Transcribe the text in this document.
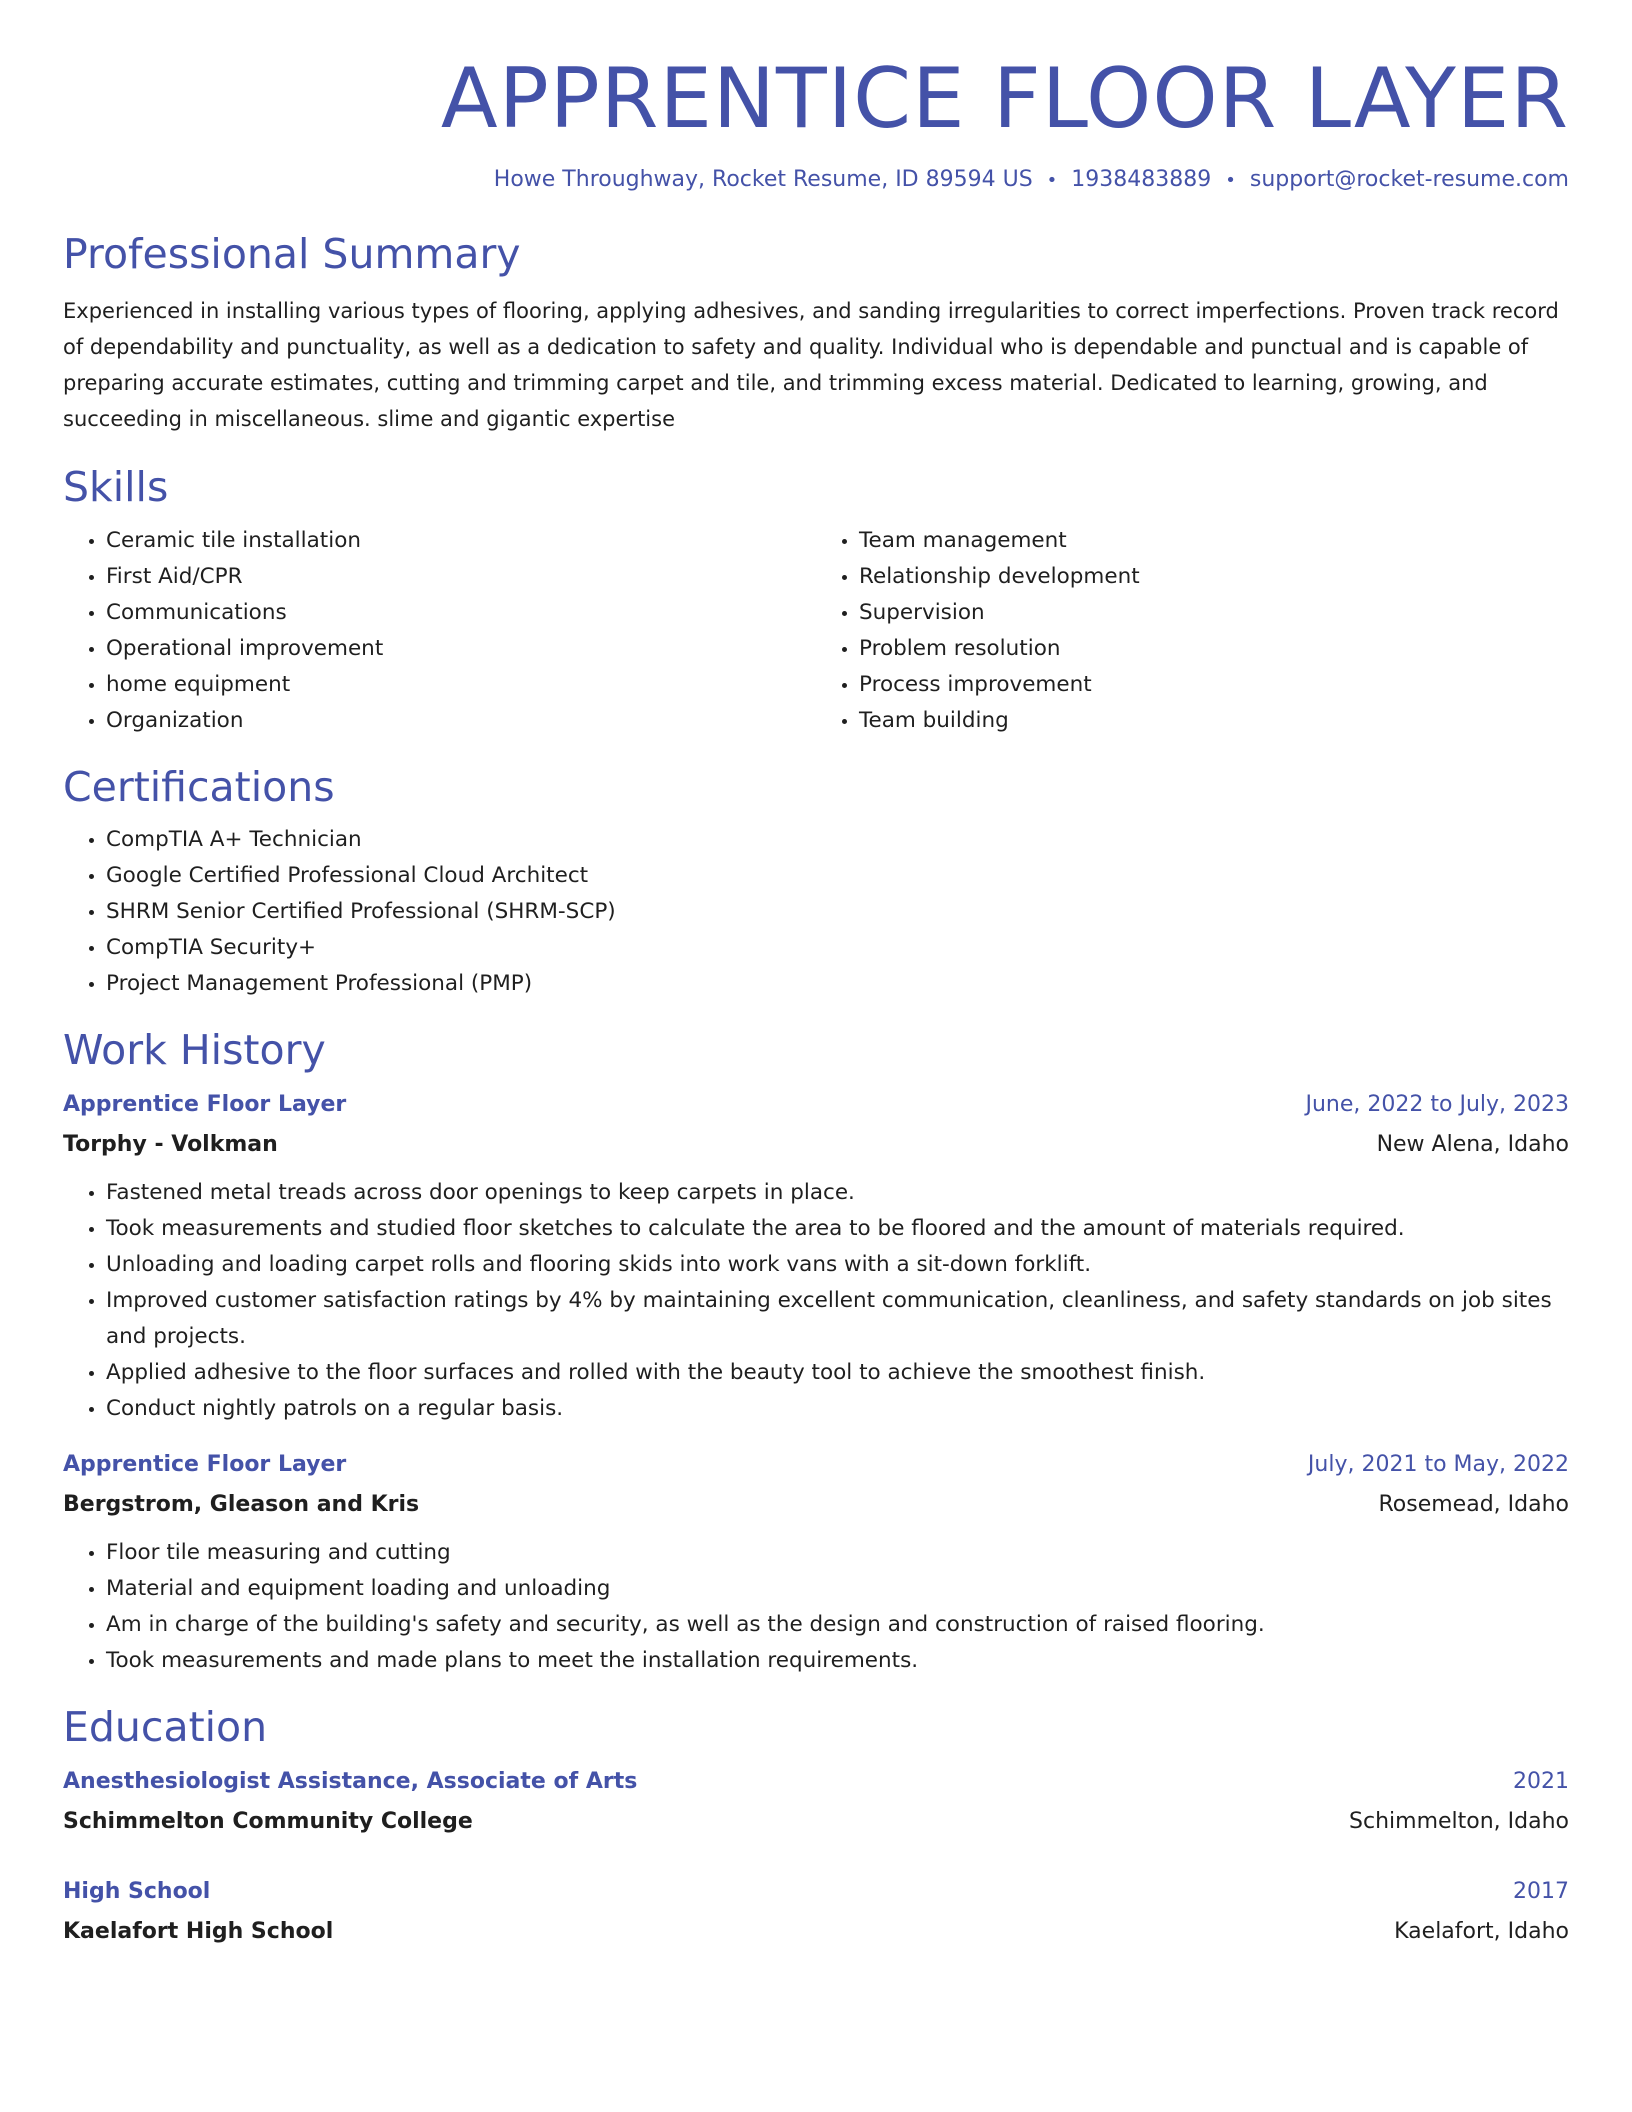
APPRENTICE FLOOR LAYER
Howe Throughway, Rocket Resume, ID 89594 US • 1938483889 • support@rocket-resume.com
Professional Summary

Experienced in installing various types of flooring, applying adhesives, and sanding irregularities to correct imperfections. Proven track record of dependability and punctuality, as well as a dedication to safety and quality. Individual who is dependable and punctual and is capable of preparing accurate estimates, cutting and trimming carpet and tile, and trimming excess material. Dedicated to learning, growing, and succeeding in miscellaneous. slime and gigantic expertise

Skills
• Ceramic tile installation
• First Aid/CPR
• Communications
• Operational improvement
• home equipment
• Organization
• Team management
• Relationship development
• Supervision
• Problem resolution
• Process improvement
• Team building
Certifications
• CompTIA A+ Technician
• Google Certified Professional Cloud Architect
• SHRM Senior Certified Professional (SHRM-SCP)
• CompTIA Security+
• Project Management Professional (PMP)
Work History
Apprentice Floor Layer	June, 2022 to July, 2023
Torphy - Volkman	New Alena, Idaho
• Fastened metal treads across door openings to keep carpets in place.
• Took measurements and studied floor sketches to calculate the area to be floored and the amount of materials required.
• Unloading and loading carpet rolls and flooring skids into work vans with a sit-down forklift.
• Improved customer satisfaction ratings by 4% by maintaining excellent communication, cleanliness, and safety standards on job sites and projects.
• Applied adhesive to the floor surfaces and rolled with the beauty tool to achieve the smoothest finish.
• Conduct nightly patrols on a regular basis.
Apprentice Floor Layer	July, 2021 to May, 2022
Bergstrom, Gleason and Kris	Rosemead, Idaho
• Floor tile measuring and cutting
• Material and equipment loading and unloading
• Am in charge of the building's safety and security, as well as the design and construction of raised flooring.
• Took measurements and made plans to meet the installation requirements.
Education
Anesthesiologist Assistance, Associate of Arts	2021
Schimmelton Community College	Schimmelton, Idaho
High School	2017
Kaelafort High School	Kaelafort, Idaho
